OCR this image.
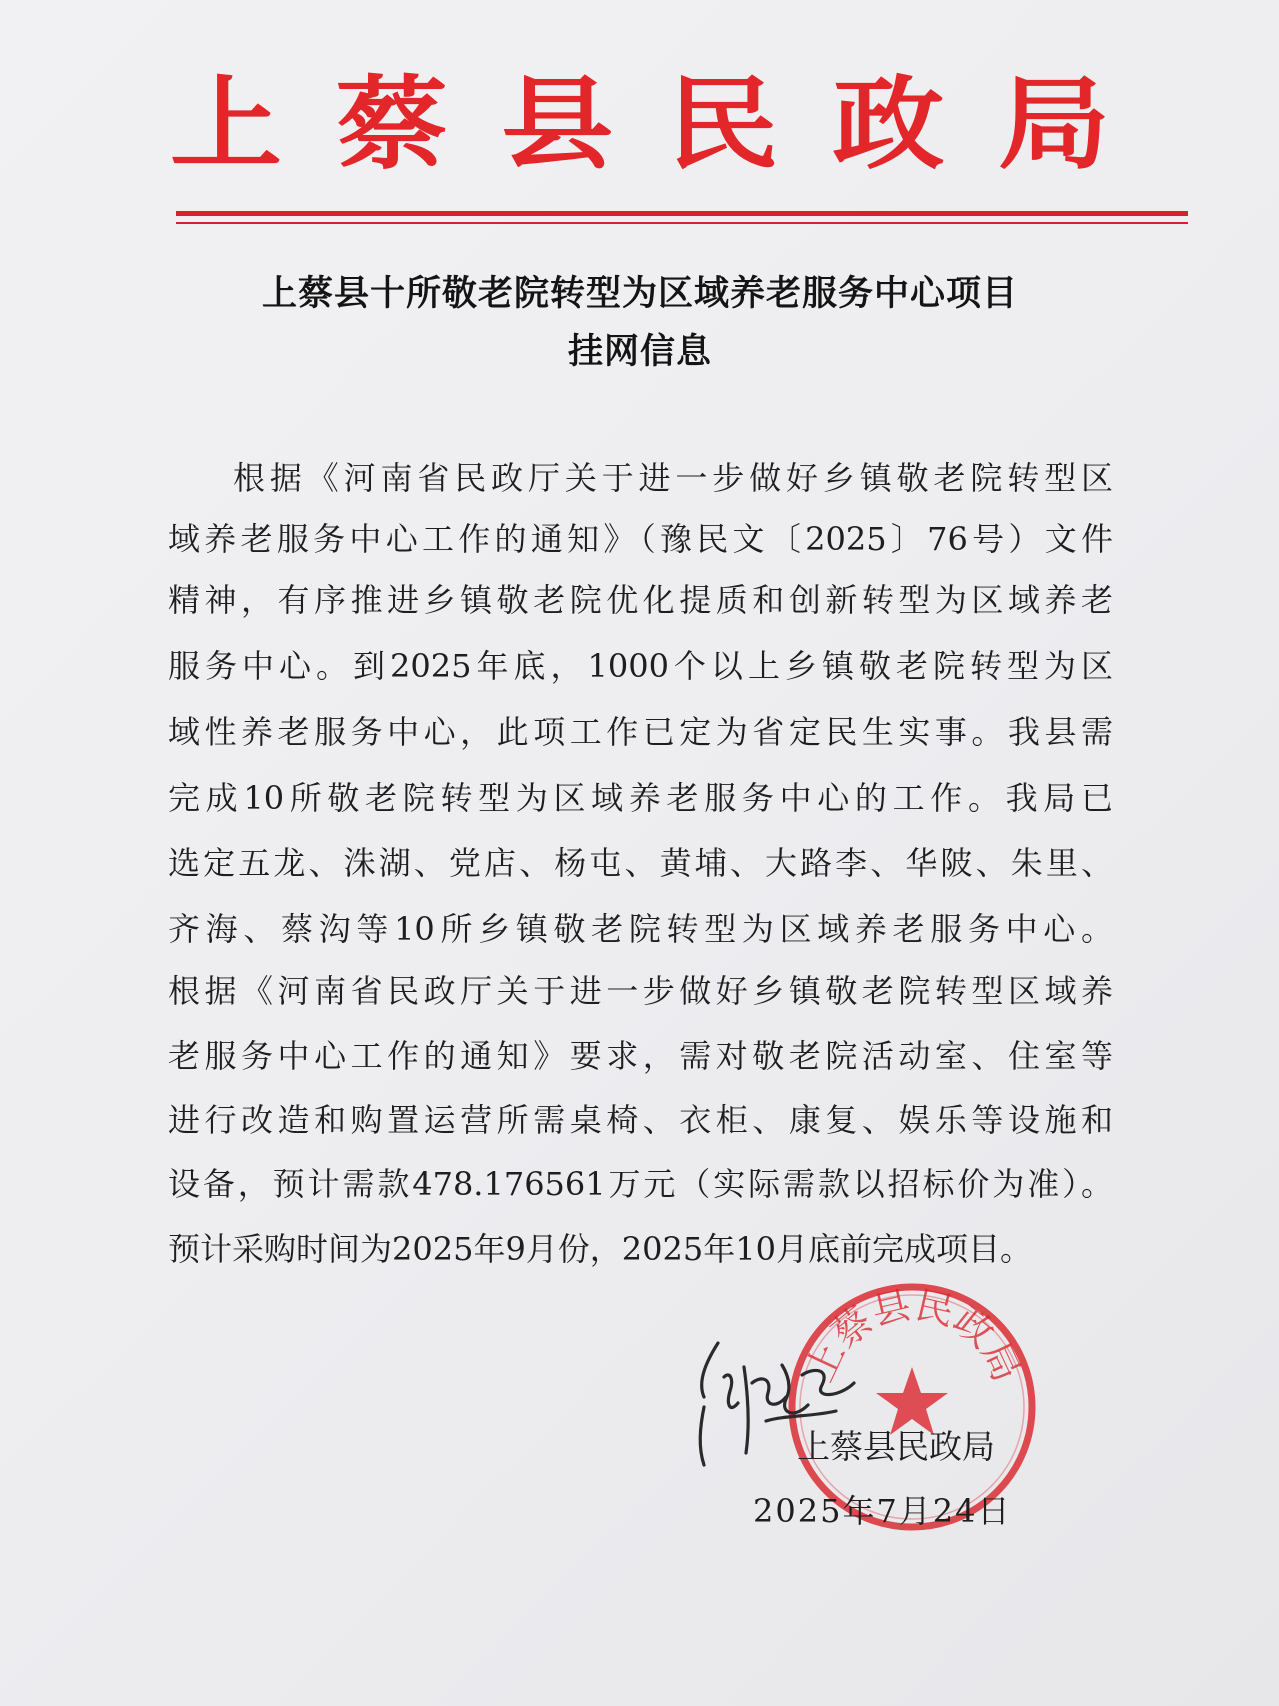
上 蔡 县 民 政 局
上蔡县十所敬老院转型为区域养老服务中心项目
挂网信息
根据《河南省民政厅关于进一步做好乡镇敬老院转型区
域养老服务中心工作的通知》（豫民文〔2025〕76号）文件
精神，有序推进乡镇敬老院优化提质和创新转型为区域养老
服务中心。到2025年底，1000个以上乡镇敬老院转型为区
域性养老服务中心，此项工作已定为省定民生实事。我县需
完成10所敬老院转型为区域养老服务中心的工作。我局已
选定五龙、洙湖、党店、杨屯、黄埔、大路李、华陂、朱里、
齐海、蔡沟等10所乡镇敬老院转型为区域养老服务中心。
根据《河南省民政厅关于进一步做好乡镇敬老院转型区域养
老服务中心工作的通知》要求，需对敬老院活动室、住室等
进行改造和购置运营所需桌椅、衣柜、康复、娱乐等设施和
设备，预计需款478.176561万元（实际需款以招标价为准）。
预计采购时间为2025年9月份，2025年10月底前完成项目。
上蔡县民政局
上蔡县民政局
2025年7月24日
